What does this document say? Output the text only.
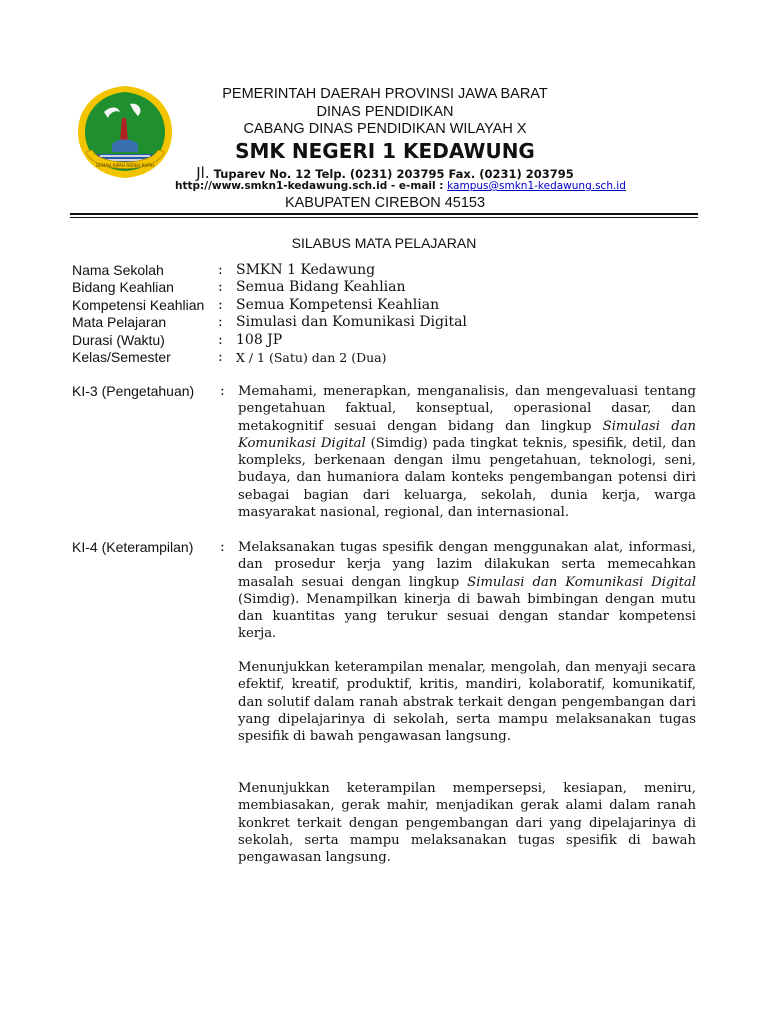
GEMAH RIPAH REPEH RAPIH
PEMERINTAH DAERAH PROVINSI JAWA BARAT
DINAS PENDIDIKAN
CABANG DINAS PENDIDIKAN WILAYAH X
SMK NEGERI 1 KEDAWUNG
Jl. Tuparev No. 12 Telp. (0231) 203795 Fax. (0231) 203795
http://www.smkn1-kedawung.sch.id - e-mail : kampus@smkn1-kedawung.sch.id
KABUPATEN CIREBON 45153
SILABUS MATA PELAJARAN
Nama Sekolah	: SMKN 1 Kedawung
Bidang Keahlian	: Semua Bidang Keahlian
Kompetensi Keahlian : Semua Kompetensi Keahlian
Mata Pelajaran	: Simulasi dan Komunikasi Digital
Durasi (Waktu)	: 108 JP
Kelas/Semester	: X / 1 (Satu) dan 2 (Dua)
KI-3 (Pengetahuan) : Memahami, menerapkan, menganalisis, dan mengevaluasi tentang pengetahuan faktual, konseptual, operasional dasar, dan metakognitif sesuai dengan bidang dan lingkup Simulasi dan Komunikasi Digital (Simdig) pada tingkat teknis, spesifik, detil, dan kompleks, berkenaan dengan ilmu pengetahuan, teknologi, seni, budaya, dan humaniora dalam konteks pengembangan potensi diri sebagai bagian dari keluarga, sekolah, dunia kerja, warga masyarakat nasional, regional, dan internasional.
KI-4 (Keterampilan) : Melaksanakan tugas spesifik dengan menggunakan alat, informasi, dan prosedur kerja yang lazim dilakukan serta memecahkan masalah sesuai dengan lingkup Simulasi dan Komunikasi Digital (Simdig). Menampilkan kinerja di bawah bimbingan dengan mutu dan kuantitas yang terukur sesuai dengan standar kompetensi kerja.
Menunjukkan keterampilan menalar, mengolah, dan menyaji secara efektif, kreatif, produktif, kritis, mandiri, kolaboratif, komunikatif, dan solutif dalam ranah abstrak terkait dengan pengembangan dari yang dipelajarinya di sekolah, serta mampu melaksanakan tugas spesifik di bawah pengawasan langsung.
Menunjukkan keterampilan mempersepsi, kesiapan, meniru, membiasakan, gerak mahir, menjadikan gerak alami dalam ranah konkret terkait dengan pengembangan dari yang dipelajarinya di sekolah, serta mampu melaksanakan tugas spesifik di bawah pengawasan langsung.
